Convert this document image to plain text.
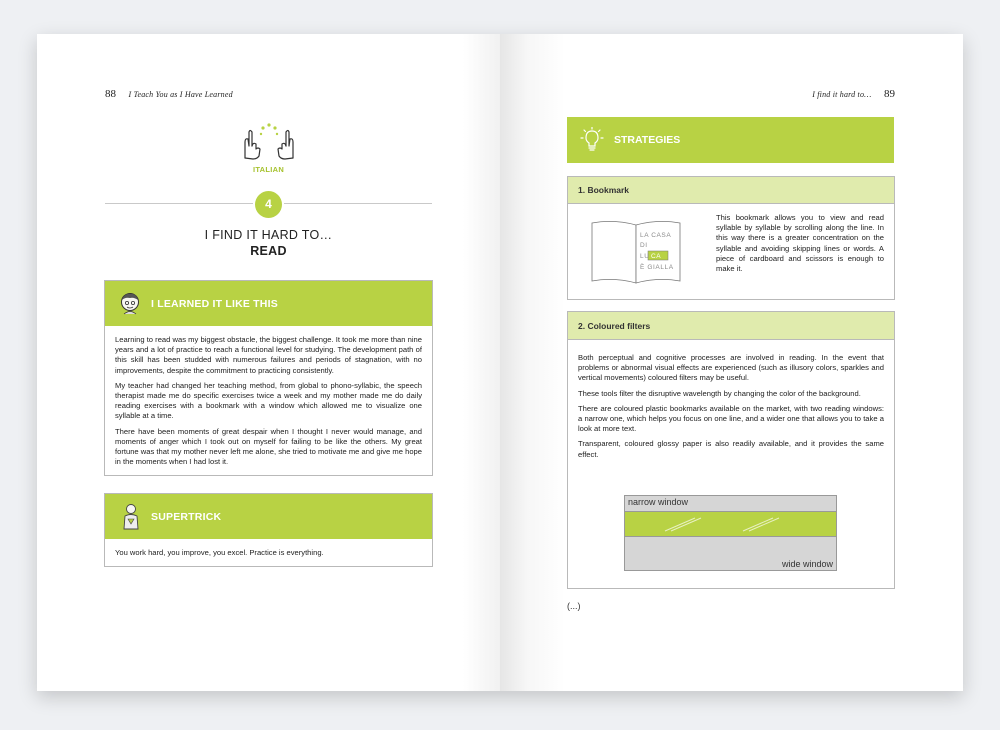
88 I Teach You as I Have Learned
ITALIAN
4
I FIND IT HARD TO…
READ
I LEARNED IT LIKE THIS

Learning to read was my biggest obstacle, the biggest challenge. It took me more than nine years and a lot of practice to reach a functional level for studying. The development path of this skill has been studded with numerous failures and periods of stagnation, with no improvements, despite the commitment to practicing consistently.

My teacher had changed her teaching method, from global to phono-syllabic, the speech therapist made me do specific exercises twice a week and my mother made me do daily reading exercises with a bookmark with a window which allowed me to visualize one syllable at a time.

There have been moments of great despair when I thought I never would manage, and moments of anger which I took out on myself for failing to be like the others. My great fortune was that my mother never left me alone, she tried to motivate me and give me hope in the moments when I had lost it.

SUPERTRICK
You work hard, you improve, you excel. Practice is everything.
I find it hard to… 89
STRATEGIES
1. Bookmark
LA CASA
DI
LU CA
È GIALLA
This bookmark allows you to view and read syllable by syllable by scrolling along the line. In this way there is a greater concentration on the syllable and avoiding skipping lines or words. A piece of cardboard and scissors is enough to make it.
2. Coloured filters

Both perceptual and cognitive processes are involved in reading. In the event that problems or abnormal visual effects are experienced (such as illusory colors, sparkles and vertical movements) coloured filters may be useful.

These tools filter the disruptive wavelength by changing the color of the background.

There are coloured plastic bookmarks available on the market, with two reading windows: a narrow one, which helps you focus on one line, and a wider one that allows you to take a look at more text.

Transparent, coloured glossy paper is also readily available, and it provides the same effect.

narrow window
wide window
(...)
